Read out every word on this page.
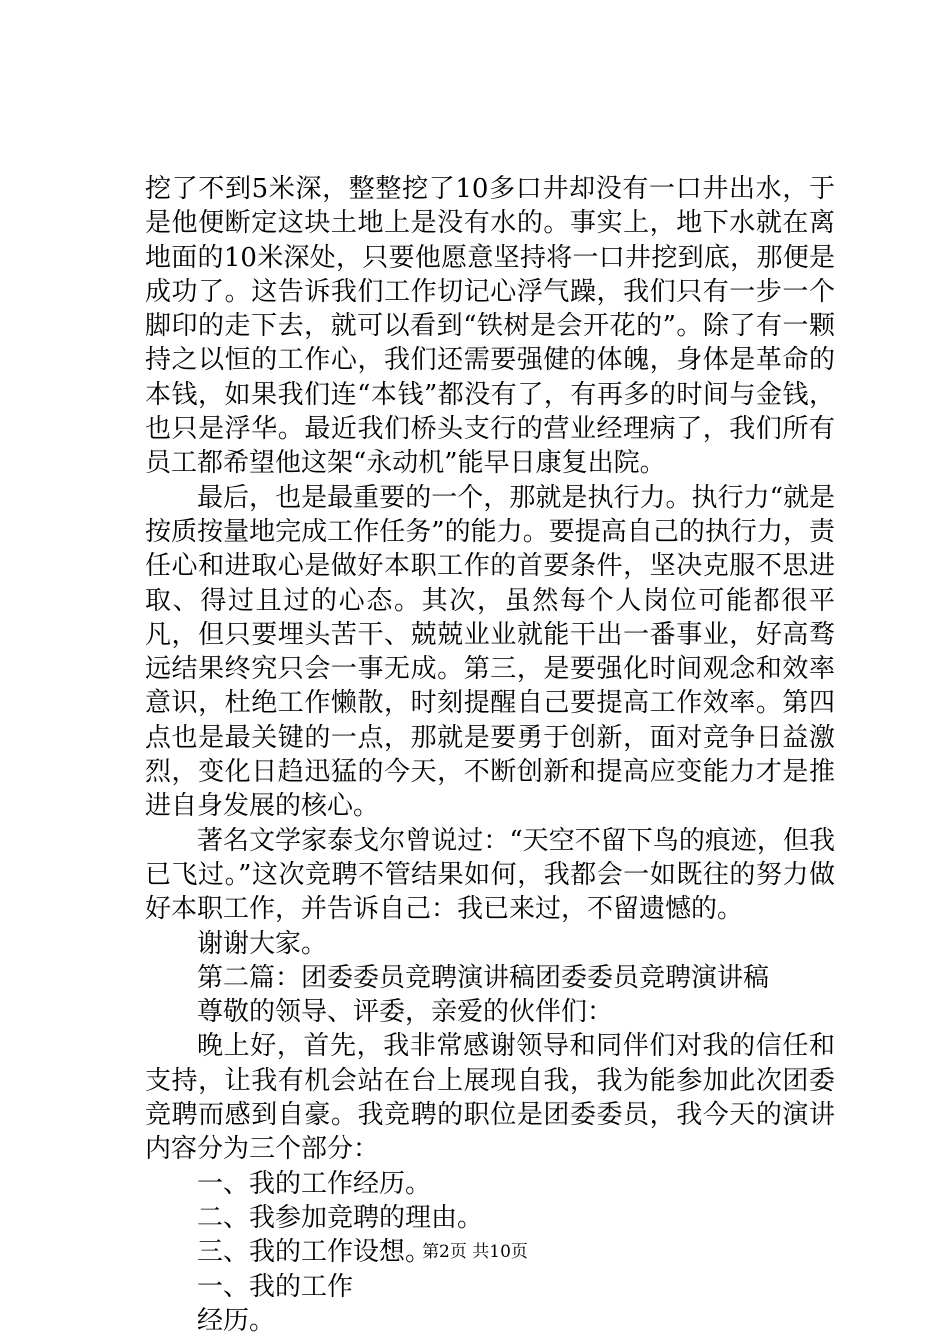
挖了不到5米深，整整挖了10多口井却没有一口井出水，于是他便断定这块土地上是没有水的。事实上，地下水就在离地面的10米深处，只要他愿意坚持将一口井挖到底，那便是成功了。这告诉我们工作切记心浮气躁，我们只有一步一个脚印的走下去，就可以看到“铁树是会开花的”。除了有一颗持之以恒的工作心，我们还需要强健的体魄，身体是革命的本钱，如果我们连“本钱”都没有了，有再多的时间与金钱，也只是浮华。最近我们桥头支行的营业经理病了，我们所有员工都希望他这架“永动机”能早日康复出院。

最后，也是最重要的一个，那就是执行力。执行力“就是按质按量地完成工作任务”的能力。要提高自己的执行力，责任心和进取心是做好本职工作的首要条件，坚决克服不思进取、得过且过的心态。其次，虽然每个人岗位可能都很平凡，但只要埋头苦干、兢兢业业就能干出一番事业，好高骛远结果终究只会一事无成。第三，是要强化时间观念和效率意识，杜绝工作懒散，时刻提醒自己要提高工作效率。第四点也是最关键的一点，那就是要勇于创新，面对竞争日益激烈，变化日趋迅猛的今天，不断创新和提高应变能力才是推进自身发展的核心。

著名文学家泰戈尔曾说过：“天空不留下鸟的痕迹，但我已飞过。”这次竞聘不管结果如何，我都会一如既往的努力做好本职工作，并告诉自己：我已来过，不留遗憾的。

谢谢大家。

第二篇：团委委员竞聘演讲稿团委委员竞聘演讲稿

尊敬的领导、评委，亲爱的伙伴们：

晚上好，首先，我非常感谢领导和同伴们对我的信任和支持，让我有机会站在台上展现自我，我为能参加此次团委竞聘而感到自豪。我竞聘的职位是团委委员，我今天的演讲内容分为三个部分：

一、我的工作经历。

二、我参加竞聘的理由。

三、我的工作设想。

一、我的工作

经历。

第2页 共10页
